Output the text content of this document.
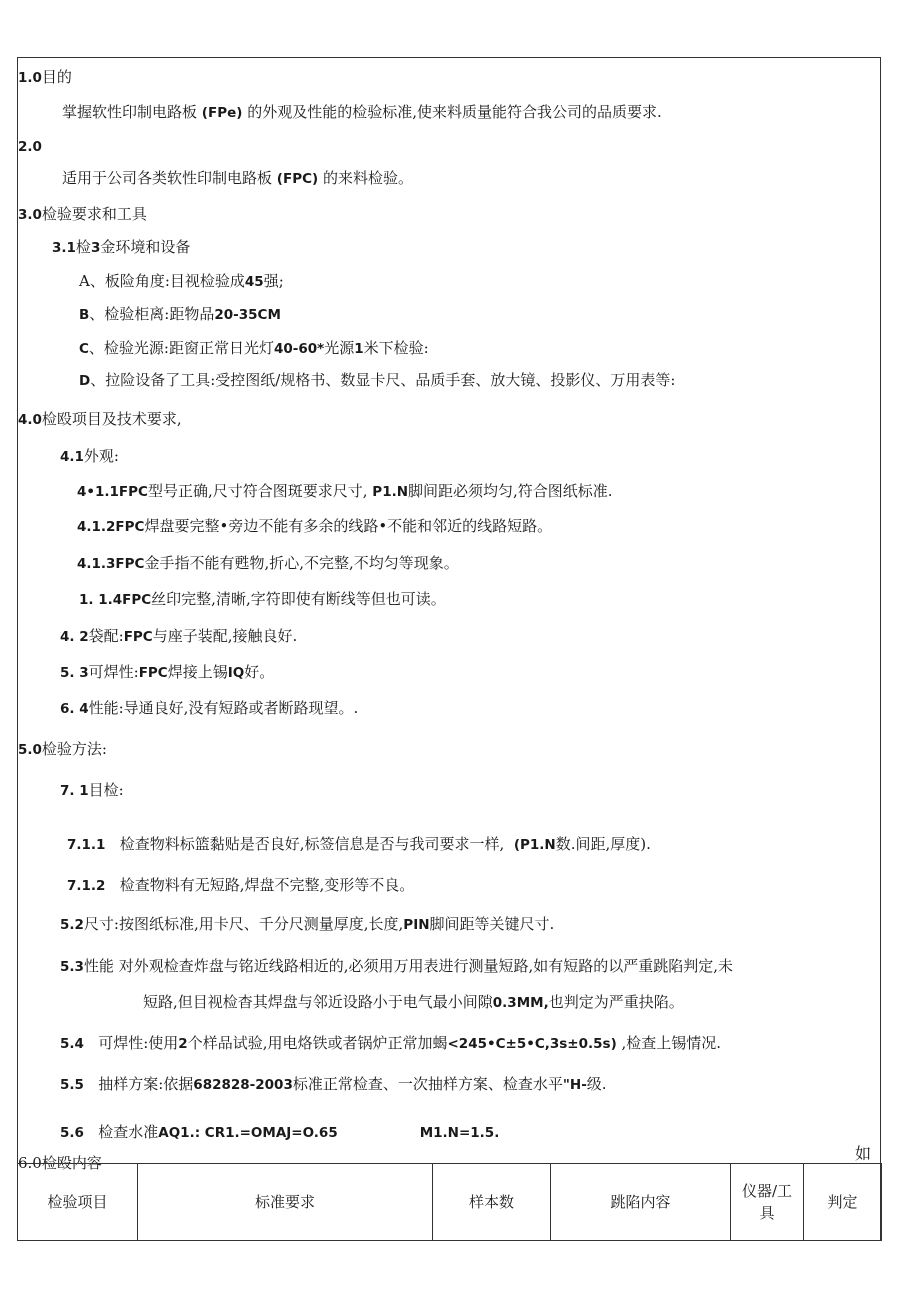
1.0目的
掌握软性印制电路板 (FPe) 的外观及性能的检验标准,使来料质量能符合我公司的品质要求.
2.0
适用于公司各类软性印制电路板 (FPC) 的来料检验。
3.0检验要求和工具
3.1检3金环境和设备
A、板险角度:目视检验成45强;
B、检验柜离:距物品20-35CM
C、检验光源:距窗正常日光灯40-60*光源1米下检验:
D、拉险设备了工具:受控图纸/规格书、数显卡尺、品质手套、放大镜、投影仪、万用表等:
4.0检殴项目及技术要求,
4.1外观:
4•1.1FPC型号正确,尺寸符合图斑要求尺寸, P1.N脚间距必须均匀,符合图纸标准.
4.1.2FPC焊盘要完整•旁边不能有多余的线路•不能和邻近的线路短路。
4.1.3FPC金手指不能有甦物,折心,不完整,不均匀等现象。
1. 1.4FPC丝印完整,清晰,字符即使有断线等但也可读。
4. 2袋配:FPC与座子装配,接触良好.
5. 3可焊性:FPC焊接上锡IQ好。
6. 4性能:导通良好,没有短路或者断路现望。.
5.0检验方法:
7. 1目检:
7.1.1 检查物料标篮黏贴是否良好,标签信息是否与我司要求一样, (P1.N数.间距,厚度).
7.1.2 检查物料有无短路,焊盘不完整,变形等不良。
5.2尺寸:按图纸标准,用卡尺、千分尺测量厚度,长度,PIN脚间距等关键尺寸.
5.3性能 对外观检查炸盘与铭近线路相近的,必须用万用表进行测量短路,如有短路的以严重跳陷判定,未
短路,但目视检杳其焊盘与邻近设路小于电气最小间隙0.3MM,也判定为严重抉陷。
5.4 可焊性:使用2个样品试验,用电烙铁或者锅炉正常加蝎<245•C±5•C,3s±0.5s) ,检查上锡情况.
5.5 抽样方案:依据682828-2003标准正常检查、一次抽样方案、检查水平"H-级.
5.6 检查水准AQ1.: CR1.=OMAJ=O.65	M1.N=1.5.
6.0检殴内容	如
检验项目	标准要求	样本数	跳陷内容	仪器/工具	判定
